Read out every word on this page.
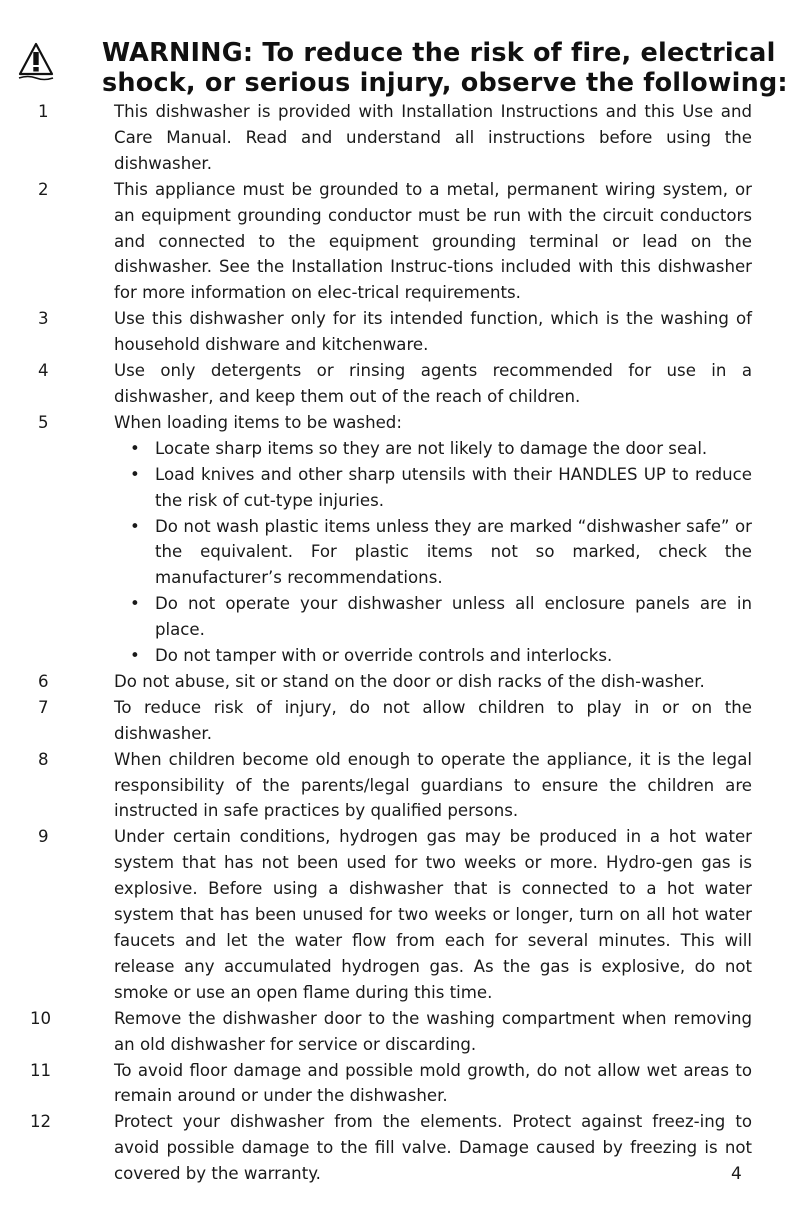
WARNING: To reduce the risk of fire, electrical
shock, or serious injury, observe the following:
1	This dishwasher is provided with Installation Instructions and this Use and Care Manual. Read and understand all instructions before using the dishwasher.
2	This appliance must be grounded to a metal, permanent wiring system, or an equipment grounding conductor must be run with the circuit conductors and connected to the equipment grounding terminal or lead on the dishwasher. See the Installation Instruc-tions included with this dishwasher for more information on elec-trical requirements.
3	Use this dishwasher only for its intended function, which is the washing of household dishware and kitchenware.
4	Use only detergents or rinsing agents recommended for use in a dishwasher, and keep them out of the reach of children.
5	When loading items to be washed:
• Locate sharp items so they are not likely to damage the door seal.
• Load knives and other sharp utensils with their HANDLES UP to reduce the risk of cut-type injuries.
• Do not wash plastic items unless they are marked “dishwasher safe” or the equivalent. For plastic items not so marked, check the manufacturer’s recommendations.
• Do not operate your dishwasher unless all enclosure panels are in place.
• Do not tamper with or override controls and interlocks.
6	Do not abuse, sit or stand on the door or dish racks of the dish-washer.
7	To reduce risk of injury, do not allow children to play in or on the dishwasher.
8	When children become old enough to operate the appliance, it is the legal responsibility of the parents/legal guardians to ensure the children are instructed in safe practices by qualified persons.
9	Under certain conditions, hydrogen gas may be produced in a hot water system that has not been used for two weeks or more. Hydro-gen gas is explosive. Before using a dishwasher that is connected to a hot water system that has been unused for two weeks or longer, turn on all hot water faucets and let the water flow from each for several minutes. This will release any accumulated hydrogen gas. As the gas is explosive, do not smoke or use an open flame during this time.
10	Remove the dishwasher door to the washing compartment when removing an old dishwasher for service or discarding.
11	To avoid floor damage and possible mold growth, do not allow wet areas to remain around or under the dishwasher.
12	Protect your dishwasher from the elements. Protect against freez-ing to avoid possible damage to the fill valve. Damage caused by freezing is not covered by the warranty.	4
